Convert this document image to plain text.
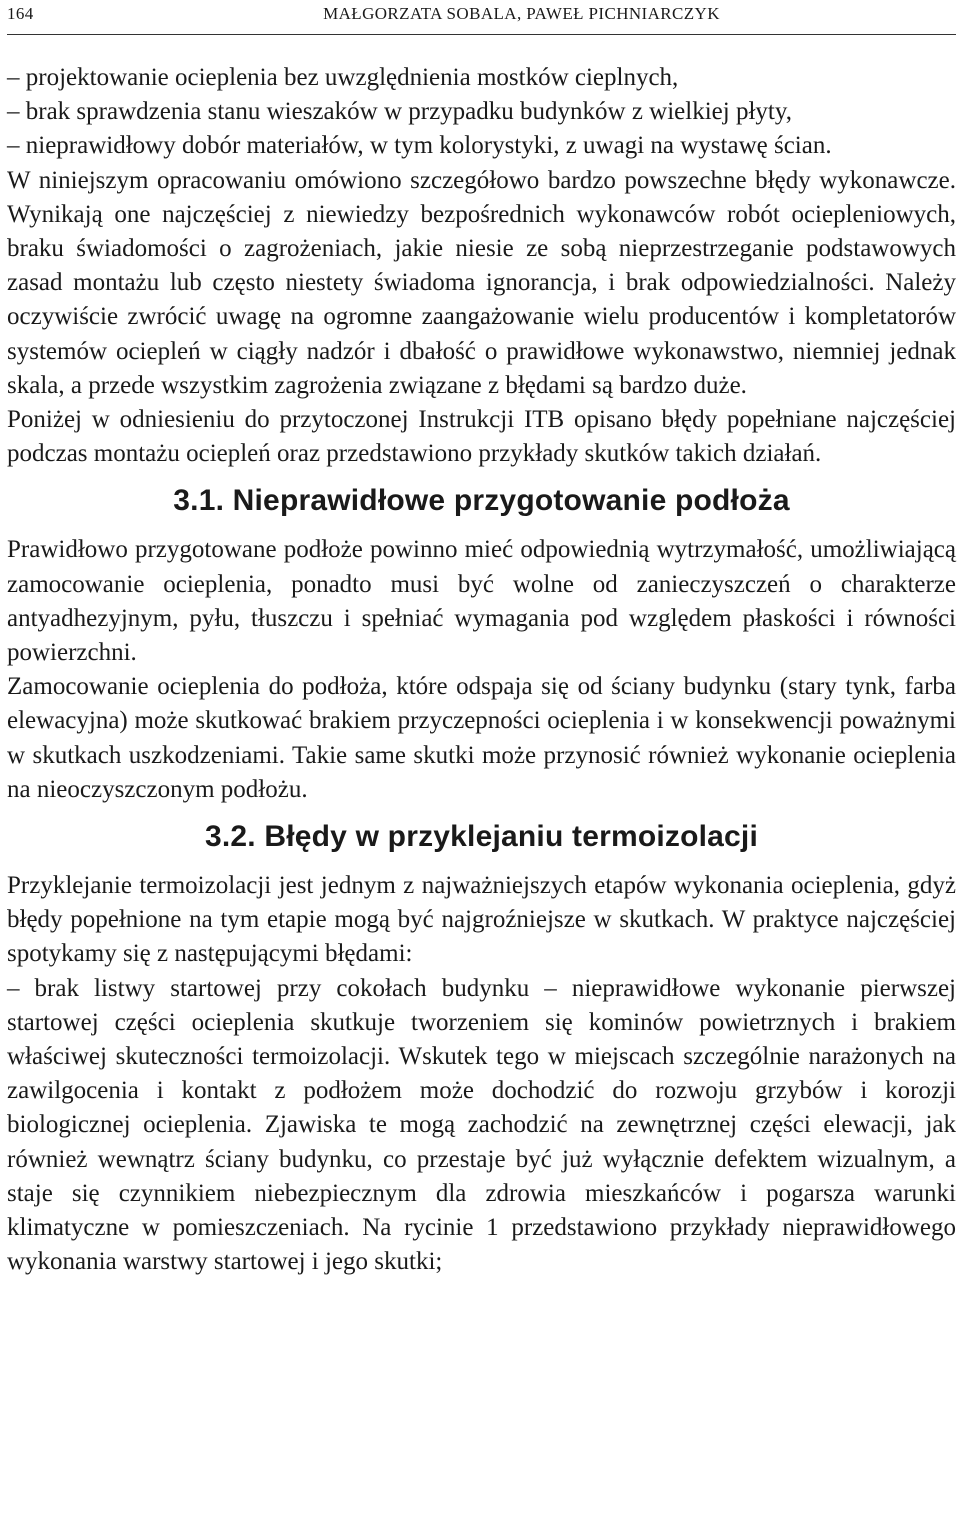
164	MAŁGORZATA SOBALA, PAWEŁ PICHNIARCZYK

– projektowanie ocieplenia bez uwzględnienia mostków cieplnych,

– brak sprawdzenia stanu wieszaków w przypadku budynków z wielkiej płyty,

– nieprawidłowy dobór materiałów, w tym kolorystyki, z uwagi na wystawę ścian.

W niniejszym opracowaniu omówiono szczegółowo bardzo powszechne błędy wykonawcze. Wynikają one najczęściej z niewiedzy bezpośrednich wykonawców robót ociepleniowych, braku świadomości o zagrożeniach, jakie niesie ze sobą nieprzestrzeganie podstawowych zasad montażu lub często niestety świadoma ignorancja, i brak odpowiedzialności. Należy oczywiście zwrócić uwagę na ogromne zaangażowanie wielu producentów i kompletatorów systemów ociepleń w ciągły nadzór i dbałość o prawidłowe wykonawstwo, niemniej jednak skala, a przede wszystkim zagrożenia związane z błędami są bardzo duże.

Poniżej w odniesieniu do przytoczonej Instrukcji ITB opisano błędy popełniane najczęściej podczas montażu ociepleń oraz przedstawiono przykłady skutków takich działań.

3.1. Nieprawidłowe przygotowanie podłoża

Prawidłowo przygotowane podłoże powinno mieć odpowiednią wytrzymałość, umożliwiającą zamocowanie ocieplenia, ponadto musi być wolne od zanieczyszczeń o charakterze antyadhezyjnym, pyłu, tłuszczu i spełniać wymagania pod względem płaskości i równości powierzchni.

Zamocowanie ocieplenia do podłoża, które odspaja się od ściany budynku (stary tynk, farba elewacyjna) może skutkować brakiem przyczepności ocieplenia i w konsekwencji poważnymi w skutkach uszkodzeniami. Takie same skutki może przynosić również wykonanie ocieplenia na nieoczyszczonym podłożu.

3.2. Błędy w przyklejaniu termoizolacji

Przyklejanie termoizolacji jest jednym z najważniejszych etapów wykonania ocieplenia, gdyż błędy popełnione na tym etapie mogą być najgroźniejsze w skutkach. W praktyce najczęściej spotykamy się z następującymi błędami:

– brak listwy startowej przy cokołach budynku – nieprawidłowe wykonanie pierwszej startowej części ocieplenia skutkuje tworzeniem się kominów powietrznych i brakiem właściwej skuteczności termoizolacji. Wskutek tego w miejscach szczególnie narażonych na zawilgocenia i kontakt z podłożem może dochodzić do rozwoju grzybów i korozji biologicznej ocieplenia. Zjawiska te mogą zachodzić na zewnętrznej części elewacji, jak również wewnątrz ściany budynku, co przestaje być już wyłącznie defektem wizualnym, a staje się czynnikiem niebezpiecznym dla zdrowia mieszkańców i pogarsza warunki klimatyczne w pomieszczeniach. Na rycinie 1 przedstawiono przykłady nieprawidłowego wykonania warstwy startowej i jego skutki;
